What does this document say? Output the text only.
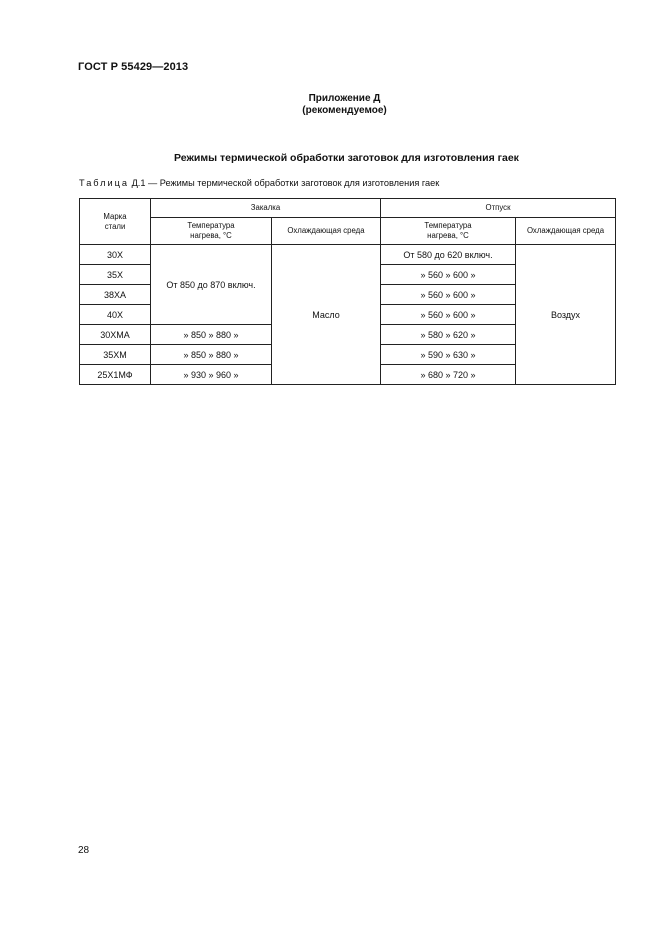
ГОСТ Р 55429—2013
Приложение Д
(рекомендуемое)
Режимы термической обработки заготовок для изготовления гаек
Таблица Д.1 — Режимы термической обработки заготовок для изготовления гаек
Марка стали	Закалка		Отпуск	
	Температура нагрева, °С	Охлаждающая среда	Температура нагрева, °С	Охлаждающая среда
30Х	От 850 до 870 включ.	Масло	От 580 до 620 включ.	Воздух
35Х			» 560 » 600 »	
38ХА			» 560 » 600 »	
40Х			» 560 » 600 »	
30ХМА	» 850 » 880 »		» 580 » 620 »	
35ХМ	» 850 » 880 »		» 590 » 630 »	
25Х1МФ	» 930 » 960 »		» 680 » 720 »	
28
